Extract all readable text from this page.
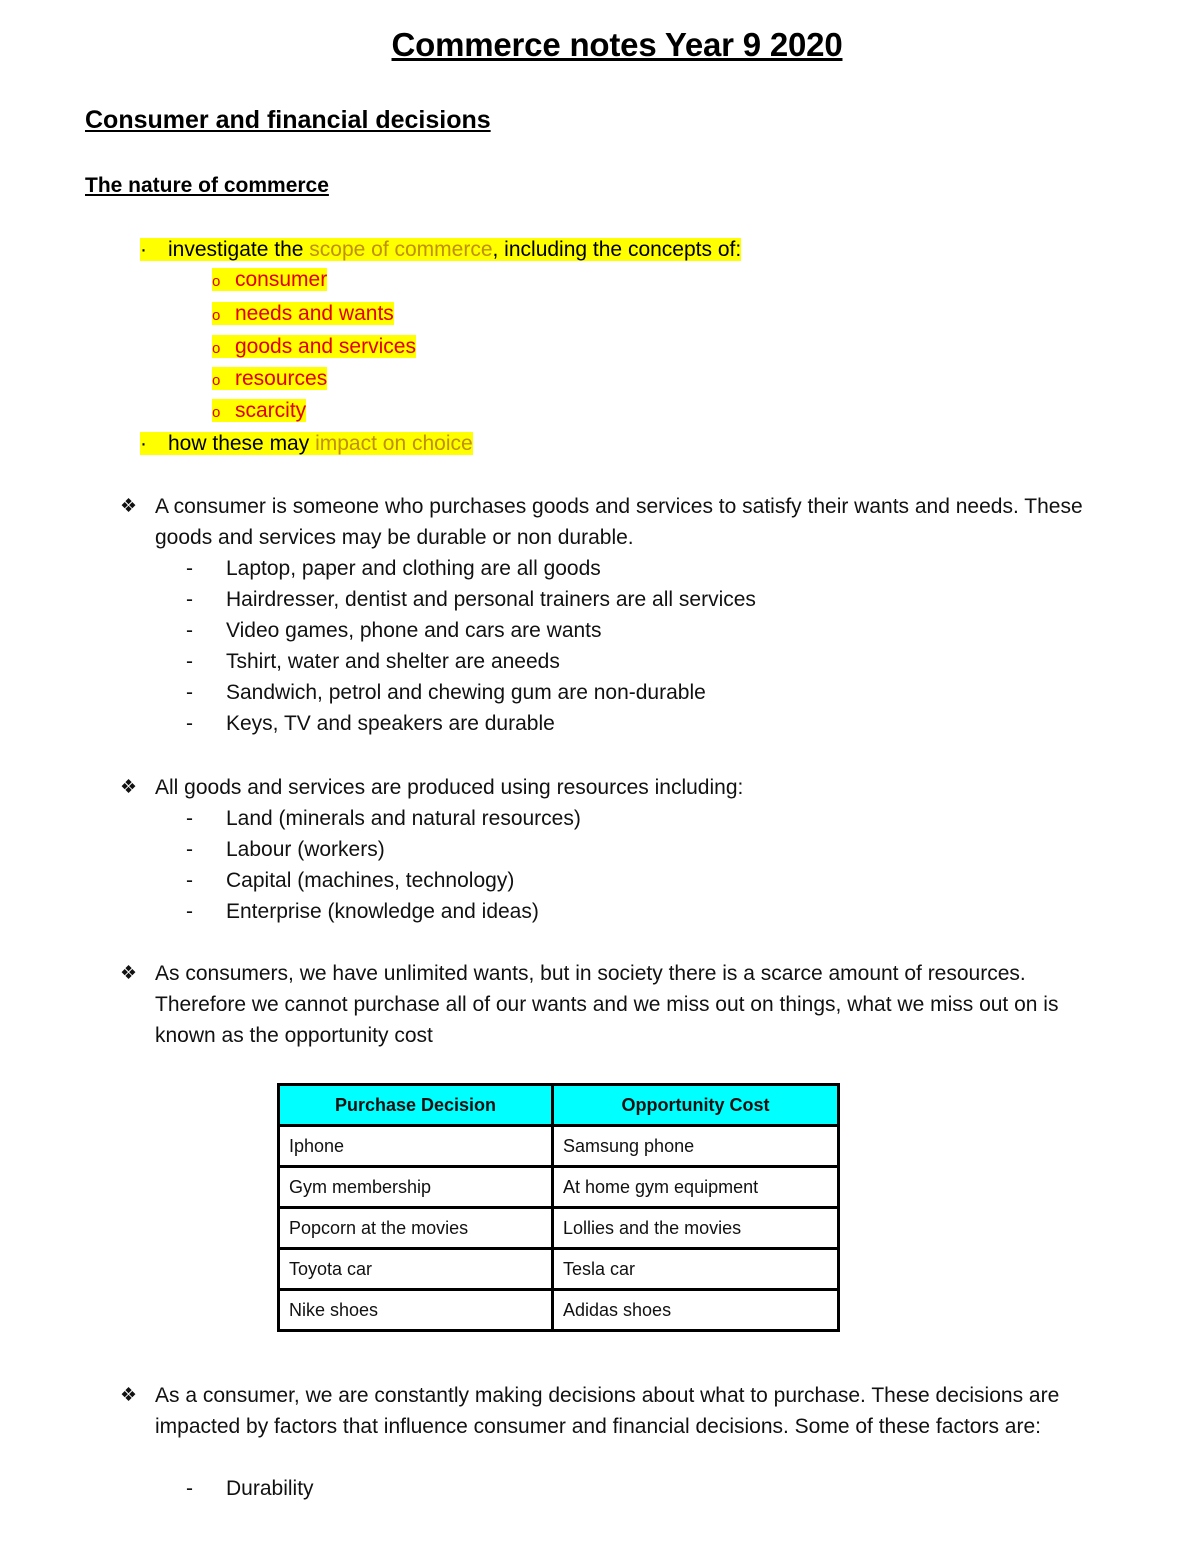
Commerce notes Year 9 2020
Consumer and financial decisions
The nature of commerce
· investigate the scope of commerce, including the concepts of:
o consumer
o needs and wants
o goods and services
o resources
o scarcity
· how these may impact on choice
❖ A consumer is someone who purchases goods and services to satisfy their wants and needs. These goods and services may be durable or non durable.
- Laptop, paper and clothing are all goods
- Hairdresser, dentist and personal trainers are all services
- Video games, phone and cars are wants
- Tshirt, water and shelter are aneeds
- Sandwich, petrol and chewing gum are non-durable
- Keys, TV and speakers are durable
❖ All goods and services are produced using resources including:
- Land (minerals and natural resources)
- Labour (workers)
- Capital (machines, technology)
- Enterprise (knowledge and ideas)
❖ As consumers, we have unlimited wants, but in society there is a scarce amount of resources. Therefore we cannot purchase all of our wants and we miss out on things, what we miss out on is known as the opportunity cost
Purchase Decision	Opportunity Cost
Iphone	Samsung phone
Gym membership	At home gym equipment
Popcorn at the movies	Lollies and the movies
Toyota car	Tesla car
Nike shoes	Adidas shoes
❖ As a consumer, we are constantly making decisions about what to purchase. These decisions are impacted by factors that influence consumer and financial decisions. Some of these factors are:
- Durability
